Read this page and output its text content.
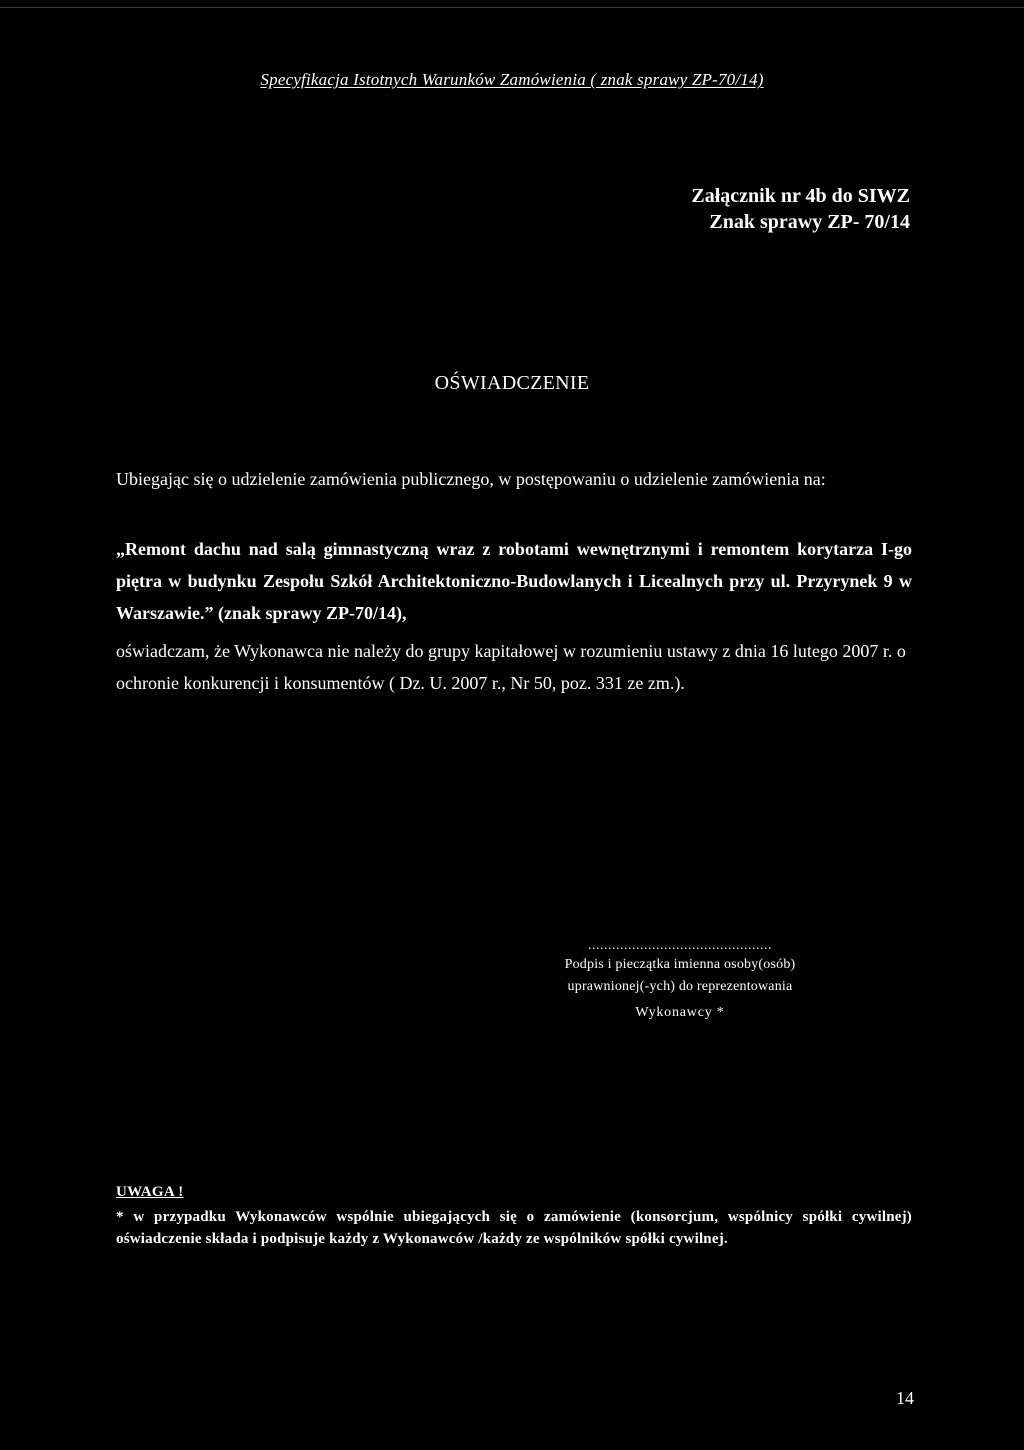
Specyfikacja Istotnych Warunków Zamówienia ( znak sprawy ZP-70/14)

Załącznik nr 4b do SIWZ
Znak sprawy ZP- 70/14
OŚWIADCZENIE

Ubiegając się o udzielenie zamówienia publicznego, w postępowaniu o udzielenie zamówienia na:

„Remont dachu nad salą gimnastyczną wraz z robotami wewnętrznymi i remontem korytarza I-go piętra w budynku Zespołu Szkół Architektoniczno-Budowlanych i Licealnych przy ul. Przyrynek 9 w Warszawie.” (znak sprawy ZP-70/14),

oświadczam, że Wykonawca nie należy do grupy kapitałowej w rozumieniu ustawy z dnia 16 lutego 2007 r. o ochronie konkurencji i konsumentów ( Dz. U. 2007 r., Nr 50, poz. 331 ze zm.).

..............................................
Podpis i pieczątka imienna osoby(osób)
uprawnionej(-ych) do reprezentowania
Wykonawcy *

UWAGA !

* w przypadku Wykonawców wspólnie ubiegających się o zamówienie (konsorcjum, wspólnicy spółki cywilnej) oświadczenie składa i podpisuje każdy z Wykonawców /każdy ze wspólników spółki cywilnej.

14
